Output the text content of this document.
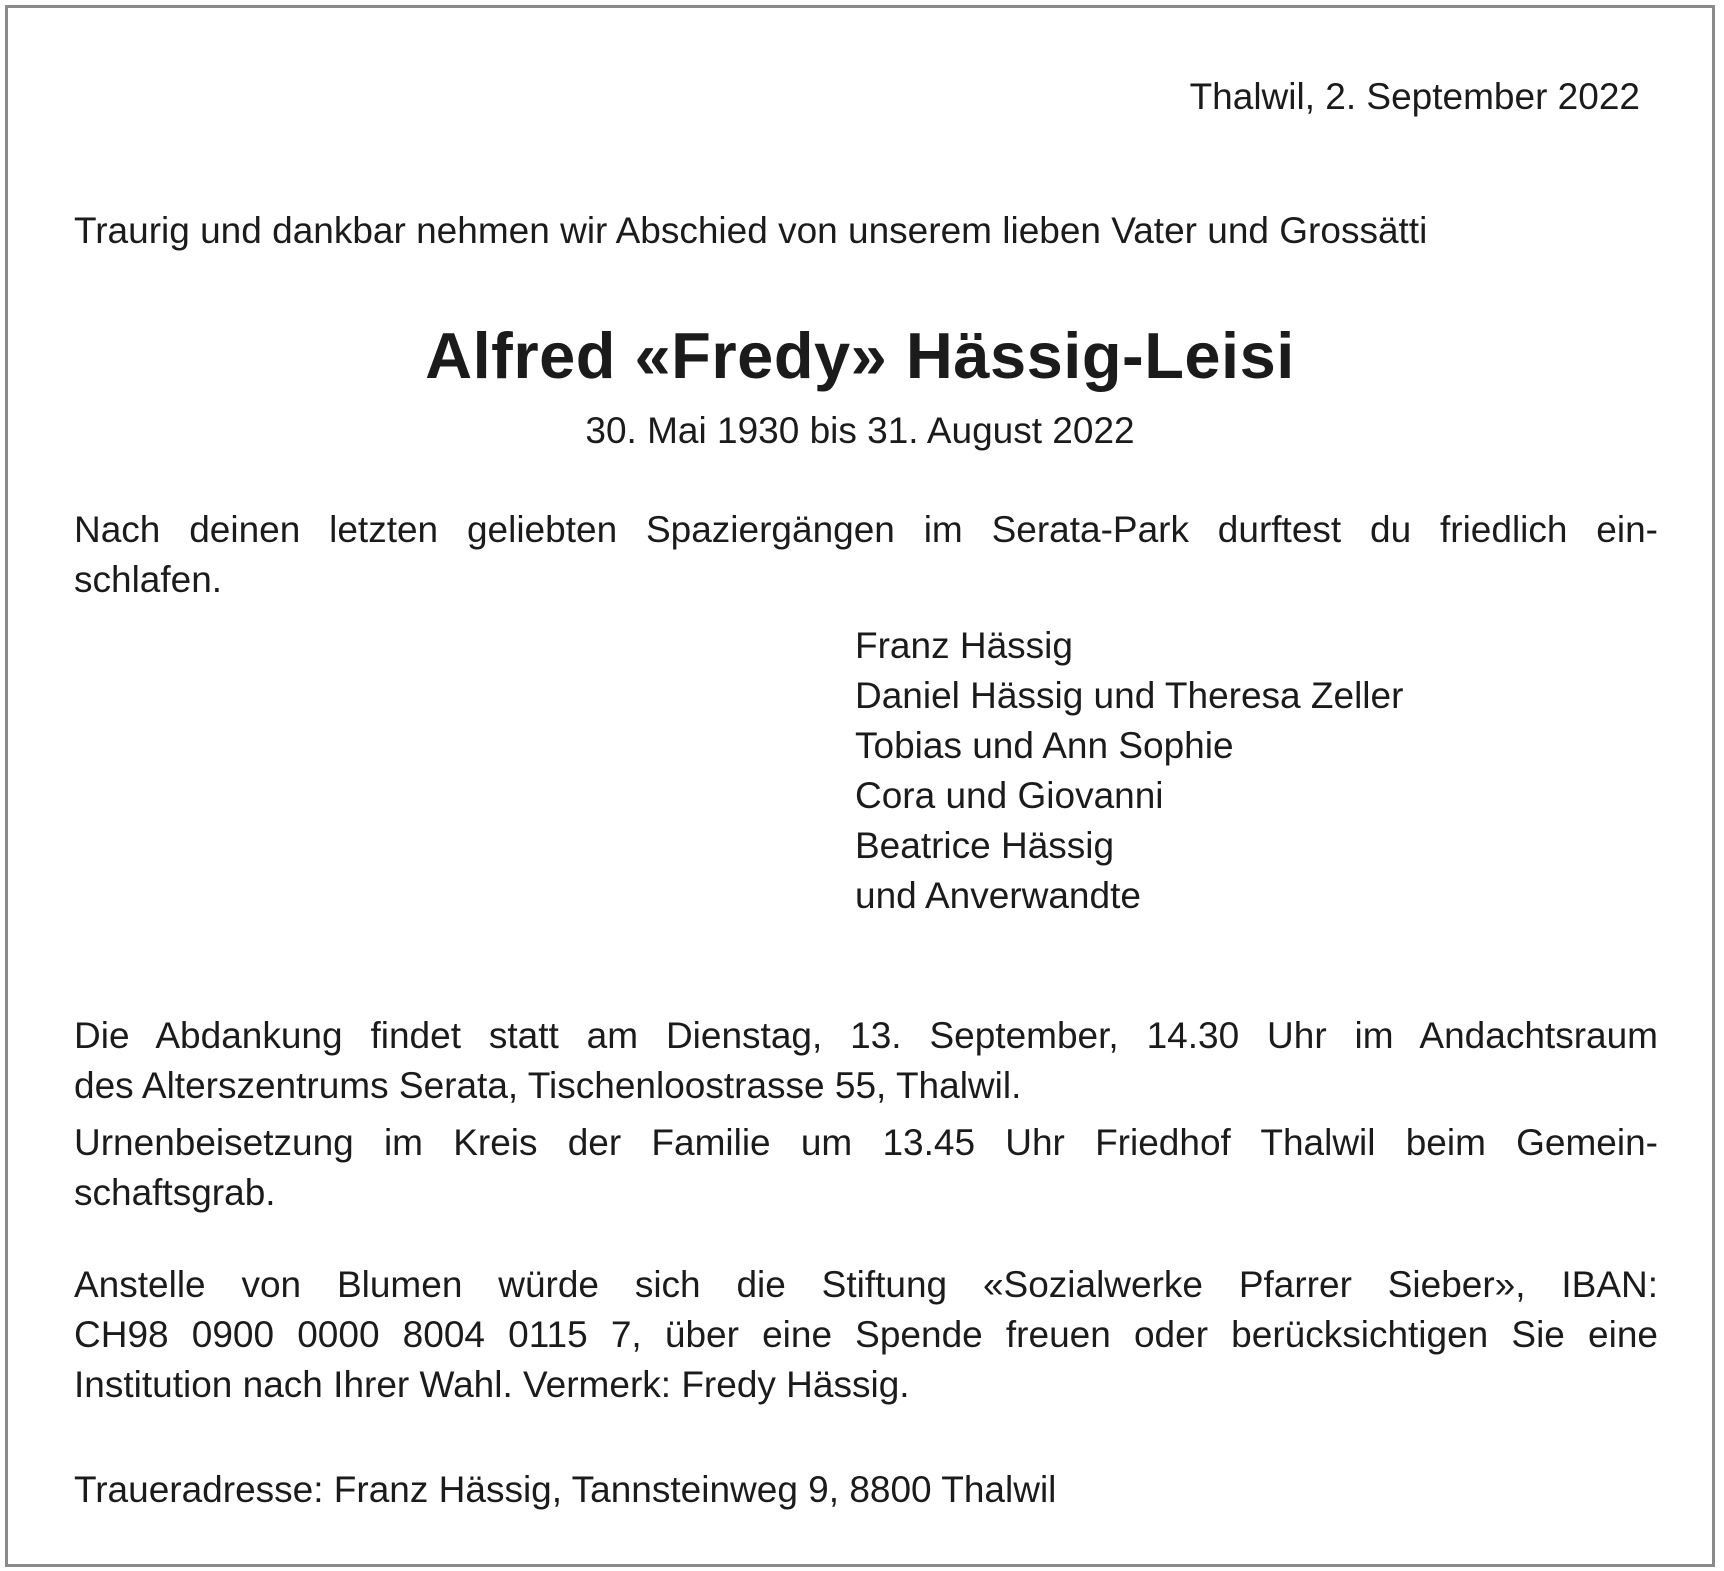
Thalwil, 2. September 2022

Traurig und dankbar nehmen wir Abschied von unserem lieben Vater und Grossätti

Alfred «Fredy» Hässig-Leisi

30. Mai 1930 bis 31. August 2022

Nach deinen letzten geliebten Spaziergängen im Serata-Park durftest du friedlich ein-
schlafen.

Franz Hässig
Daniel Hässig und Theresa Zeller
Tobias und Ann Sophie
Cora und Giovanni
Beatrice Hässig
und Anverwandte

Die Abdankung findet statt am Dienstag, 13. September, 14.30 Uhr im Andachtsraum
des Alterszentrums Serata, Tischenloostrasse 55, Thalwil.

Urnenbeisetzung im Kreis der Familie um 13.45 Uhr Friedhof Thalwil beim Gemein-
schaftsgrab.

Anstelle von Blumen würde sich die Stiftung «Sozialwerke Pfarrer Sieber», IBAN:
CH98 0900 0000 8004 0115 7, über eine Spende freuen oder berücksichtigen Sie eine
Institution nach Ihrer Wahl. Vermerk: Fredy Hässig.

Traueradresse: Franz Hässig, Tannsteinweg 9, 8800 Thalwil
